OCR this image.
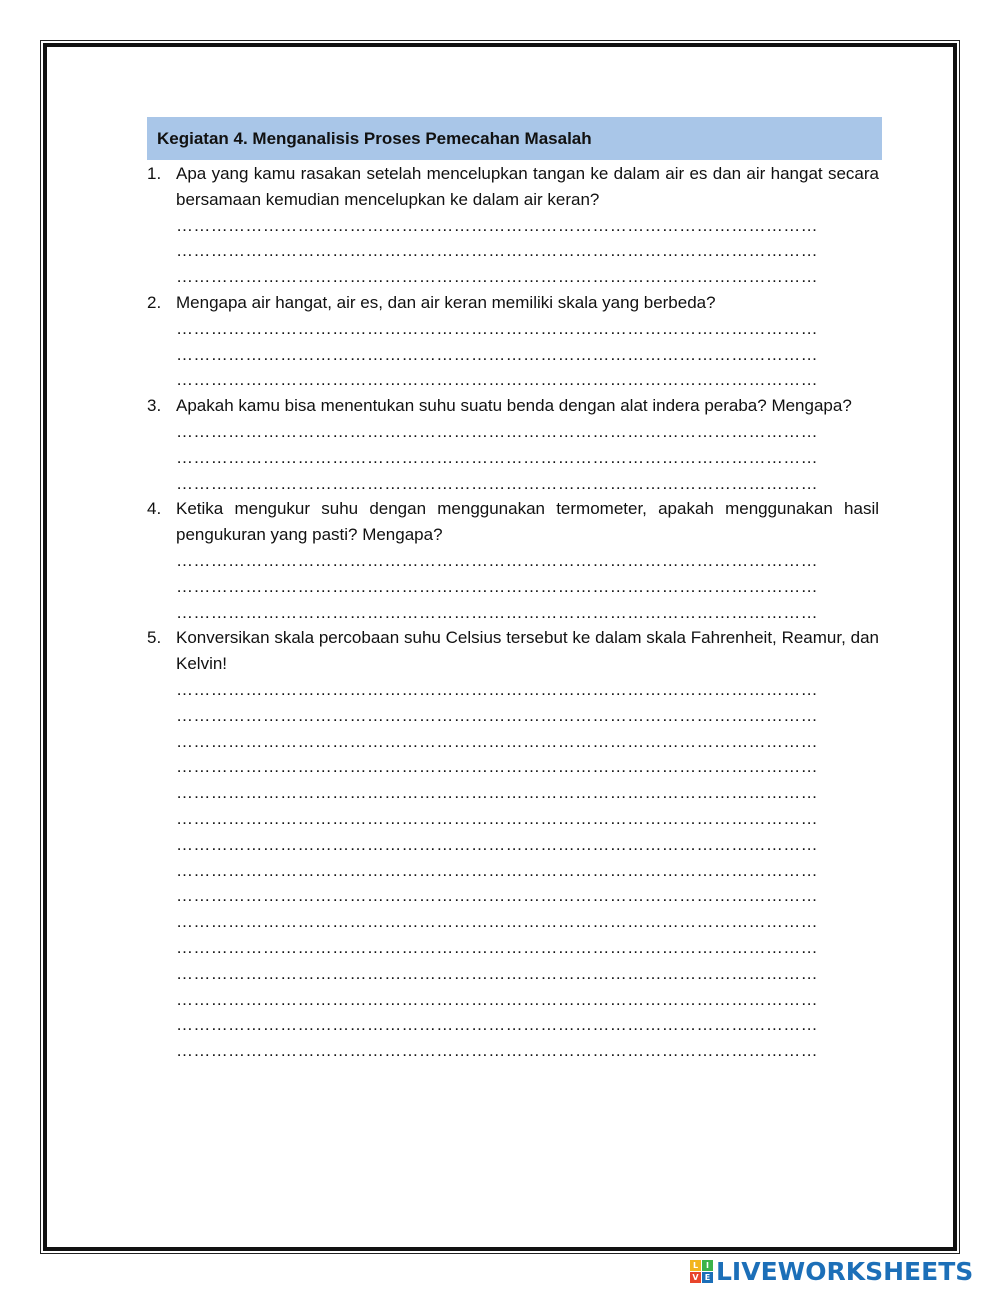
Kegiatan 4. Menganalisis Proses Pemecahan Masalah
1. Apa yang kamu rasakan setelah mencelupkan tangan ke dalam air es dan air hangat secara bersamaan kemudian mencelupkan ke dalam air keran?
…………………………………………………………………………………………………
…………………………………………………………………………………………………
…………………………………………………………………………………………………
2. Mengapa air hangat, air es, dan air keran memiliki skala yang berbeda?
…………………………………………………………………………………………………
…………………………………………………………………………………………………
…………………………………………………………………………………………………
3. Apakah kamu bisa menentukan suhu suatu benda dengan alat indera peraba? Mengapa?
…………………………………………………………………………………………………
…………………………………………………………………………………………………
…………………………………………………………………………………………………
4. Ketika mengukur suhu dengan menggunakan termometer, apakah menggunakan hasil pengukuran yang pasti? Mengapa?
…………………………………………………………………………………………………
…………………………………………………………………………………………………
…………………………………………………………………………………………………
5. Konversikan skala percobaan suhu Celsius tersebut ke dalam skala Fahrenheit, Reamur, dan Kelvin!
…………………………………………………………………………………………………
…………………………………………………………………………………………………
…………………………………………………………………………………………………
…………………………………………………………………………………………………
…………………………………………………………………………………………………
…………………………………………………………………………………………………
…………………………………………………………………………………………………
…………………………………………………………………………………………………
…………………………………………………………………………………………………
…………………………………………………………………………………………………
…………………………………………………………………………………………………
…………………………………………………………………………………………………
…………………………………………………………………………………………………
…………………………………………………………………………………………………
…………………………………………………………………………………………………
L I
V E LIVEWORKSHEETS
